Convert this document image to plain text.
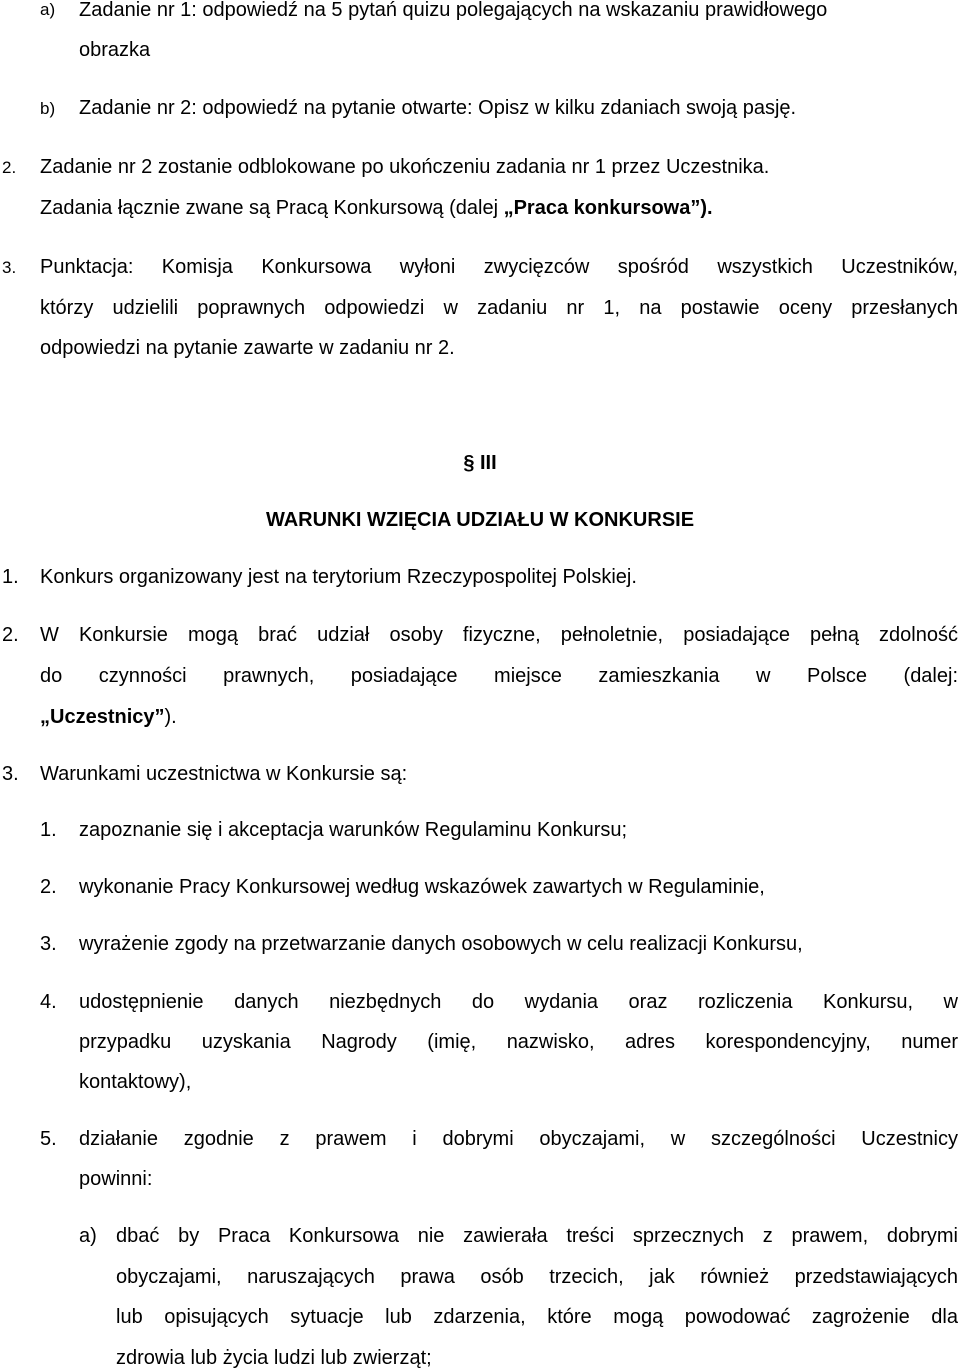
a) Zadanie nr 1: odpowiedź na 5 pytań quizu polegających na wskazaniu prawidłowego
obrazka
b) Zadanie nr 2: odpowiedź na pytanie otwarte: Opisz w kilku zdaniach swoją pasję.
2. Zadanie nr 2 zostanie odblokowane po ukończeniu zadania nr 1 przez Uczestnika.
Zadania łącznie zwane są Pracą Konkursową (dalej „Praca konkursowa”).
3. Punktacja: Komisja Konkursowa wyłoni zwycięzców spośród wszystkich Uczestników,
którzy udzielili poprawnych odpowiedzi w zadaniu nr 1, na postawie oceny przesłanych
odpowiedzi na pytanie zawarte w zadaniu nr 2.
§ III
WARUNKI WZIĘCIA UDZIAŁU W KONKURSIE
1. Konkurs organizowany jest na terytorium Rzeczypospolitej Polskiej.
2. W Konkursie mogą brać udział osoby fizyczne, pełnoletnie, posiadające pełną zdolność
do czynności prawnych, posiadające miejsce zamieszkania w Polsce (dalej:
„Uczestnicy”).
3. Warunkami uczestnictwa w Konkursie są:
1. zapoznanie się i akceptacja warunków Regulaminu Konkursu;
2. wykonanie Pracy Konkursowej według wskazówek zawartych w Regulaminie,
3. wyrażenie zgody na przetwarzanie danych osobowych w celu realizacji Konkursu,
4. udostępnienie danych niezbędnych do wydania oraz rozliczenia Konkursu, w
przypadku uzyskania Nagrody (imię, nazwisko, adres korespondencyjny, numer
kontaktowy),
5. działanie zgodnie z prawem i dobrymi obyczajami, w szczególności Uczestnicy
powinni:
a) dbać by Praca Konkursowa nie zawierała treści sprzecznych z prawem, dobrymi
obyczajami, naruszających prawa osób trzecich, jak również przedstawiających
lub opisujących sytuacje lub zdarzenia, które mogą powodować zagrożenie dla
zdrowia lub życia ludzi lub zwierząt;
